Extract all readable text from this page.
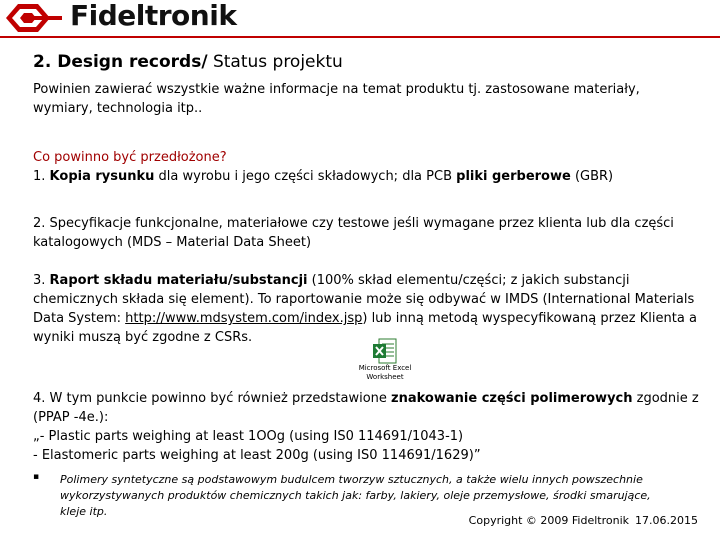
Fideltronik
2. Design records/ Status projektu
Powinien zawierać wszystkie ważne informacje na temat produktu tj. zastosowane materiały, wymiary, technologia itp..
Co powinno być przedłożone?
1. Kopia rysunku dla wyrobu i jego części składowych; dla PCB pliki gerberowe (GBR)
2. Specyfikacje funkcjonalne, materiałowe czy testowe jeśli wymagane przez klienta lub dla części katalogowych (MDS – Material Data Sheet)
3. Raport składu materiału/substancji (100% skład elementu/części; z jakich substancji chemicznych składa się element). To raportowanie może się odbywać w IMDS (International Materials Data System: http://www.mdsystem.com/index.jsp) lub inną metodą wyspecyfikowaną przez Klienta a wyniki muszą być zgodne z CSRs.
Microsoft Excel
Worksheet
4. W tym punkcie powinno być również przedstawione znakowanie części polimerowych zgodnie z (PPAP -4e.):
„- Plastic parts weighing at least 1OOg (using IS0 114691/1043-1)
- Elastomeric parts weighing at least 200g (using IS0 114691/1629)”
▪ Polimery syntetyczne są podstawowym budulcem tworzyw sztucznych, a także wielu innych powszechnie wykorzystywanych produktów chemicznych takich jak: farby, lakiery, oleje przemysłowe, środki smarujące, kleje itp.
Copyright © 2009 Fideltronik 17.06.2015
